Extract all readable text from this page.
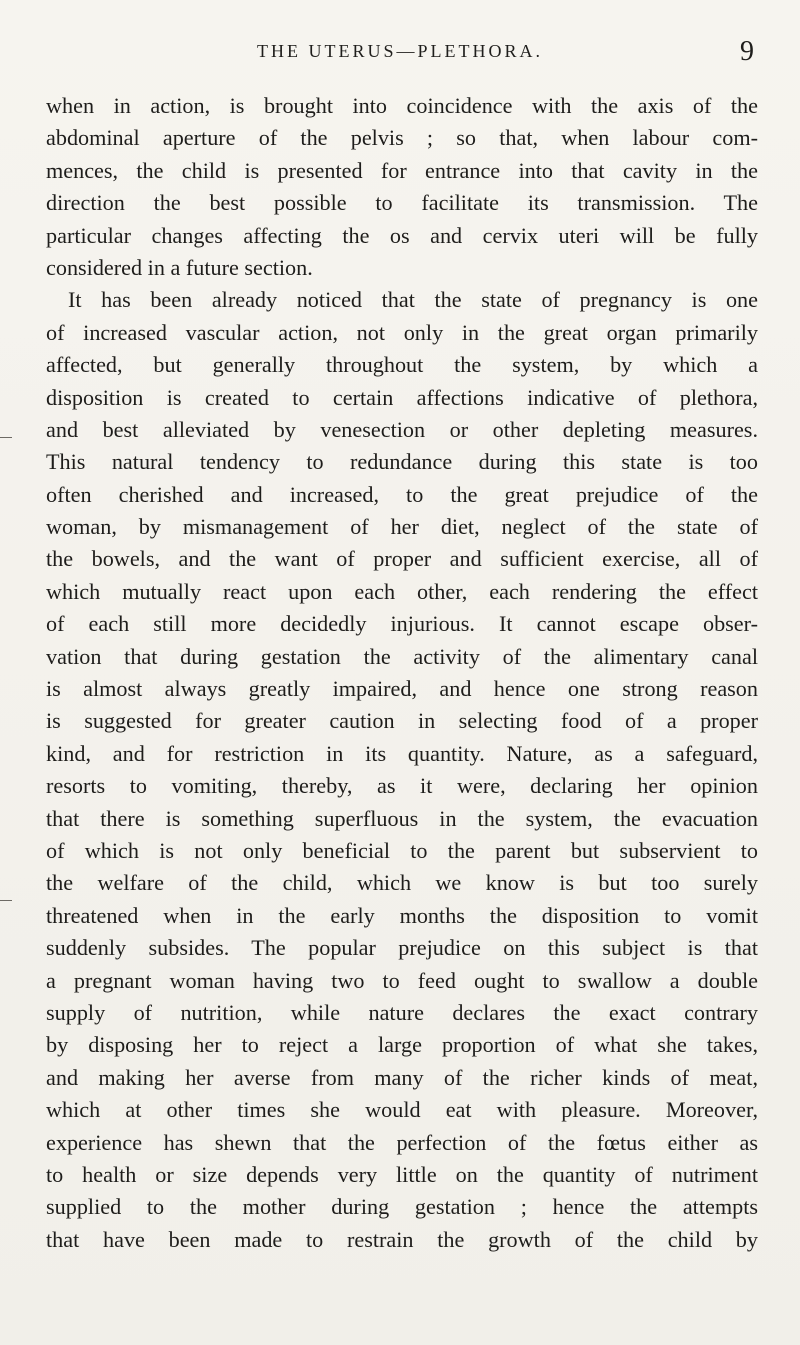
THE UTERUS—PLETHORA.	9
when in action, is brought into coincidence with the axis of the
abdominal aperture of the pelvis ; so that, when labour com-
mences, the child is presented for entrance into that cavity in the
direction the best possible to facilitate its transmission. The
particular changes affecting the os and cervix uteri will be fully
considered in a future section.
It has been already noticed that the state of pregnancy is one
of increased vascular action, not only in the great organ primarily
affected, but generally throughout the system, by which a
disposition is created to certain affections indicative of plethora,
and best alleviated by venesection or other depleting measures.
This natural tendency to redundance during this state is too
often cherished and increased, to the great prejudice of the
woman, by mismanagement of her diet, neglect of the state of
the bowels, and the want of proper and sufficient exercise, all of
which mutually react upon each other, each rendering the effect
of each still more decidedly injurious. It cannot escape obser-
vation that during gestation the activity of the alimentary canal
is almost always greatly impaired, and hence one strong reason
is suggested for greater caution in selecting food of a proper
kind, and for restriction in its quantity. Nature, as a safeguard,
resorts to vomiting, thereby, as it were, declaring her opinion
that there is something superfluous in the system, the evacuation
of which is not only beneficial to the parent but subservient to
the welfare of the child, which we know is but too surely
threatened when in the early months the disposition to vomit
suddenly subsides. The popular prejudice on this subject is that
a pregnant woman having two to feed ought to swallow a double
supply of nutrition, while nature declares the exact contrary
by disposing her to reject a large proportion of what she takes,
and making her averse from many of the richer kinds of meat,
which at other times she would eat with pleasure. Moreover,
experience has shewn that the perfection of the fœtus either as
to health or size depends very little on the quantity of nutriment
supplied to the mother during gestation ; hence the attempts
that have been made to restrain the growth of the child by
